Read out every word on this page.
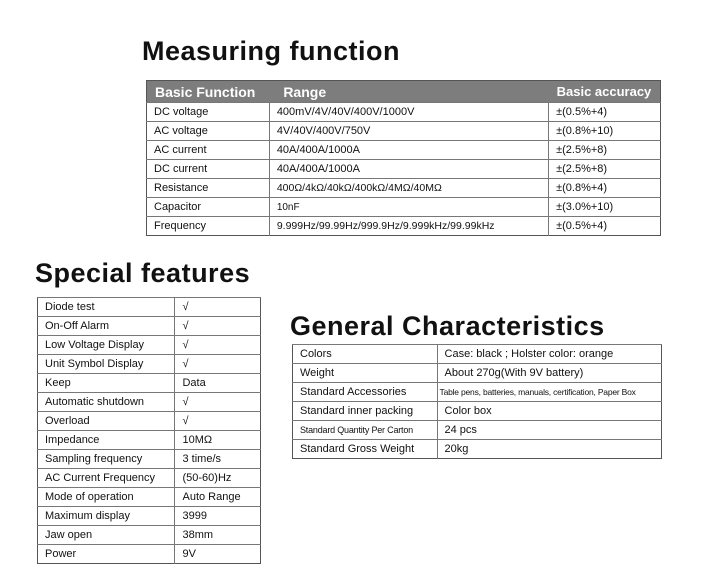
Measuring function
Basic Function	Range	Basic accuracy
DC voltage	400mV/4V/40V/400V/1000V	±(0.5%+4)
AC voltage	4V/40V/400V/750V	±(0.8%+10)
AC current	40A/400A/1000A	±(2.5%+8)
DC current	40A/400A/1000A	±(2.5%+8)
Resistance	400Ω/4kΩ/40kΩ/400kΩ/4MΩ/40MΩ	±(0.8%+4)
Capacitor	10nF	±(3.0%+10)
Frequency	9.999Hz/99.99Hz/999.9Hz/9.999kHz/99.99kHz	±(0.5%+4)
Special features
Diode test	√
On-Off Alarm	√
Low Voltage Display	√
Unit Symbol Display	√
Keep	Data
Automatic shutdown	√
Overload	√
Impedance	10MΩ
Sampling frequency	3 time/s
AC Current Frequency	(50-60)Hz
Mode of operation	Auto Range
Maximum display	3999
Jaw open	38mm
Power	9V
General Characteristics
Colors	Case: black ; Holster color: orange
Weight	About 270g(With 9V battery)
Standard Accessories	Table pens, batteries, manuals, certification, Paper Box
Standard inner packing	Color box
Standard Quantity Per Carton	24 pcs
Standard Gross Weight	20kg
